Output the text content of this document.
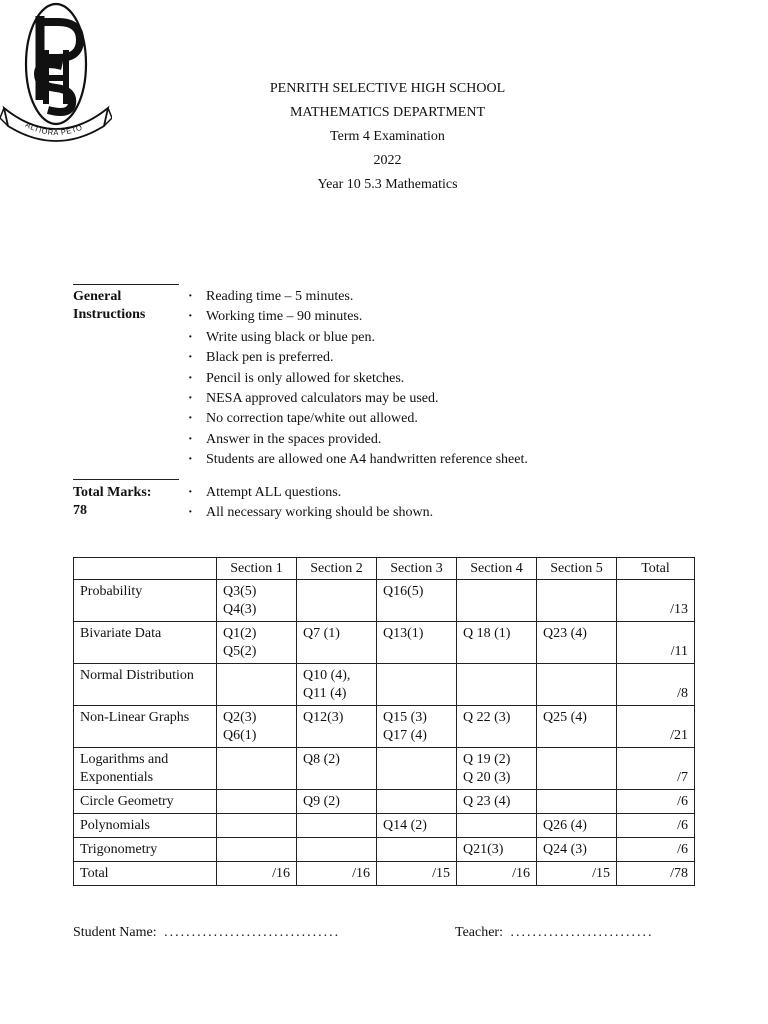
ALTIORA PETO
PENRITH SELECTIVE HIGH SCHOOL
MATHEMATICS DEPARTMENT
Term 4 Examination
2022
Year 10 5.3 Mathematics
General
Instructions
· Reading time – 5 minutes.
· Working time – 90 minutes.
· Write using black or blue pen.
· Black pen is preferred.
· Pencil is only allowed for sketches.
· NESA approved calculators may be used.
· No correction tape/white out allowed.
· Answer in the spaces provided.
· Students are allowed one A4 handwritten reference sheet.
Total Marks:
78
· Attempt ALL questions.
· All necessary working should be shown.
	Section 1	Section 2	Section 3	Section 4	Section 5	Total

Probability	Q3(5)
Q4(3)		Q16(5)			/13

Bivariate Data	Q1(2)
Q5(2)	Q7 (1)	Q13(1)	Q 18 (1)	Q23 (4)	/11

Normal Distribution		Q10 (4),
Q11 (4)				/8

Non-Linear Graphs	Q2(3)
Q6(1)	Q12(3)	Q15 (3)
Q17 (4)	Q 22 (3)	Q25 (4)	/21

Logarithms and
Exponentials		Q8 (2)		Q 19 (2)
Q 20 (3)		/7

Circle Geometry		Q9 (2)		Q 23 (4)		/6

Polynomials			Q14 (2)		Q26 (4)	/6

Trigonometry				Q21(3)	Q24 (3)	/6
Total	/16	/16	/15	/16	/15	/78
Student Name: ................................	Teacher: ..........................
